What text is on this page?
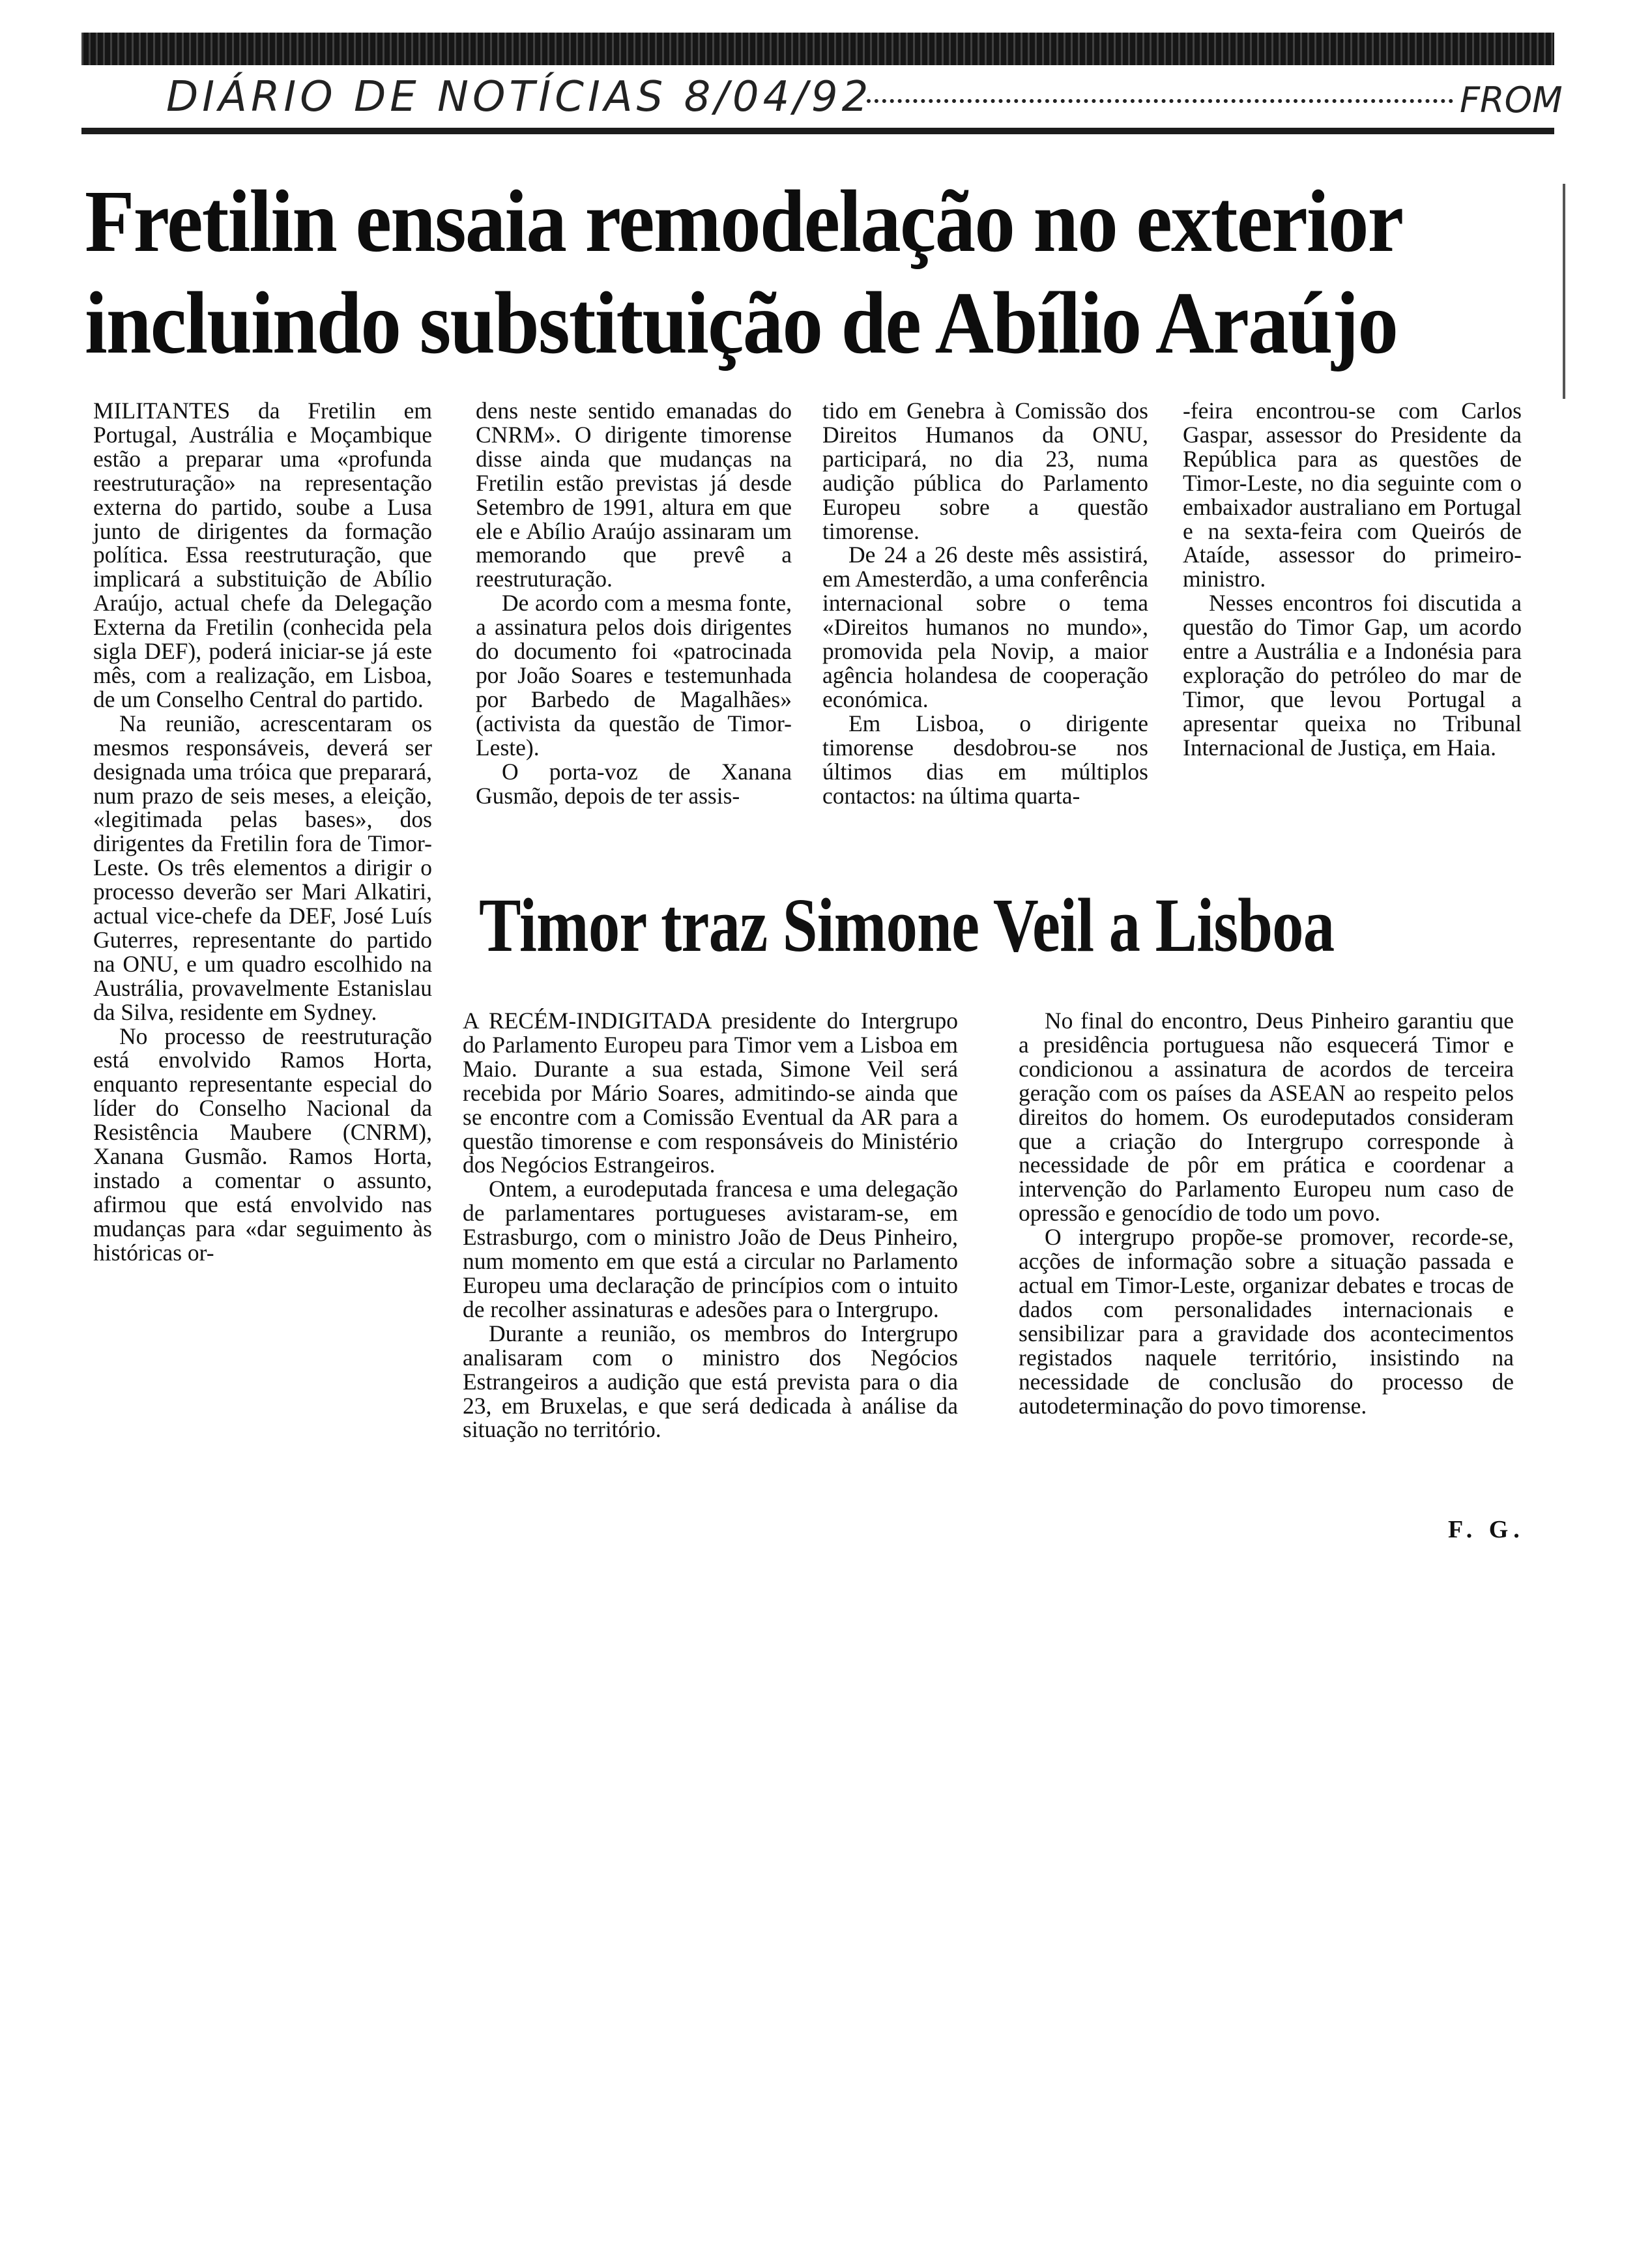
DIÁRIO DE NOTÍCIAS 8/04/92	FROM
Fretilin ensaia remodelação no exterior
incluindo substituição de Abílio Araújo

MILITANTES da Fretilin em Portugal, Austrália e Moçambique estão a preparar uma «profunda reestruturação» na representação externa do partido, soube a Lusa junto de dirigentes da formação política. Essa reestruturação, que implicará a substituição de Abílio Araújo, actual chefe da Delegação Externa da Fretilin (conhecida pela sigla DEF), poderá iniciar-se já este mês, com a realização, em Lisboa, de um Conselho Central do partido.

Na reunião, acrescentaram os mesmos responsáveis, deverá ser designada uma tróica que preparará, num prazo de seis meses, a eleição, «legitimada pelas bases», dos dirigentes da Fretilin fora de Timor-Leste. Os três elementos a dirigir o processo deverão ser Mari Alkatiri, actual vice-chefe da DEF, José Luís Guterres, representante do partido na ONU, e um quadro escolhido na Austrália, provavelmente Estanislau da Silva, residente em Sydney.

No processo de reestruturação está envolvido Ramos Horta, enquanto representante especial do líder do Conselho Nacional da Resistência Maubere (CNRM), Xanana Gusmão. Ramos Horta, instado a comentar o assunto, afirmou que está envolvido nas mudanças para «dar seguimento às históricas or-

dens neste sentido emanadas do CNRM». O dirigente timorense disse ainda que mudanças na Fretilin estão previstas já desde Setembro de 1991, altura em que ele e Abílio Araújo assinaram um memorando que prevê a reestruturação.

De acordo com a mesma fonte, a assinatura pelos dois dirigentes do documento foi «patrocinada por João Soares e testemunhada por Barbedo de Magalhães» (activista da questão de Timor-Leste).

O porta-voz de Xanana Gusmão, depois de ter assis-

tido em Genebra à Comissão dos Direitos Humanos da ONU, participará, no dia 23, numa audição pública do Parlamento Europeu sobre a questão timorense.

De 24 a 26 deste mês assistirá, em Amesterdão, a uma conferência internacional sobre o tema «Direitos humanos no mundo», promovida pela Novip, a maior agência holandesa de cooperação económica.

Em Lisboa, o dirigente timorense desdobrou-se nos últimos dias em múltiplos contactos: na última quarta-

-feira encontrou-se com Carlos Gaspar, assessor do Presidente da República para as questões de Timor-Leste, no dia seguinte com o embaixador australiano em Portugal e na sexta-feira com Queirós de Ataíde, assessor do primeiro-ministro.

Nesses encontros foi discutida a questão do Timor Gap, um acordo entre a Austrália e a Indonésia para exploração do petróleo do mar de Timor, que levou Portugal a apresentar queixa no Tribunal Internacional de Justiça, em Haia.

Timor traz Simone Veil a Lisboa

A RECÉM-INDIGITADA presidente do Intergrupo do Parlamento Europeu para Timor vem a Lisboa em Maio. Durante a sua estada, Simone Veil será recebida por Mário Soares, admitindo-se ainda que se encontre com a Comissão Eventual da AR para a questão timorense e com responsáveis do Ministério dos Negócios Estrangeiros.

Ontem, a eurodeputada francesa e uma delegação de parlamentares portugueses avistaram-se, em Estrasburgo, com o ministro João de Deus Pinheiro, num momento em que está a circular no Parlamento Europeu uma declaração de princípios com o intuito de recolher assinaturas e adesões para o Intergrupo.

Durante a reunião, os membros do Intergrupo analisaram com o ministro dos Negócios Estrangeiros a audição que está prevista para o dia 23, em Bruxelas, e que será dedicada à análise da situação no território.

No final do encontro, Deus Pinheiro garantiu que a presidência portuguesa não esquecerá Timor e condicionou a assinatura de acordos de terceira geração com os países da ASEAN ao respeito pelos direitos do homem. Os eurodeputados consideram que a criação do Intergrupo corresponde à necessidade de pôr em prática e coordenar a intervenção do Parlamento Europeu num caso de opressão e genocídio de todo um povo.

O intergrupo propõe-se promover, recorde-se, acções de informação sobre a situação passada e actual em Timor-Leste, organizar debates e trocas de dados com personalidades internacionais e sensibilizar para a gravidade dos acontecimentos registados naquele território, insistindo na necessidade de conclusão do processo de autodeterminação do povo timorense.

F. G.
